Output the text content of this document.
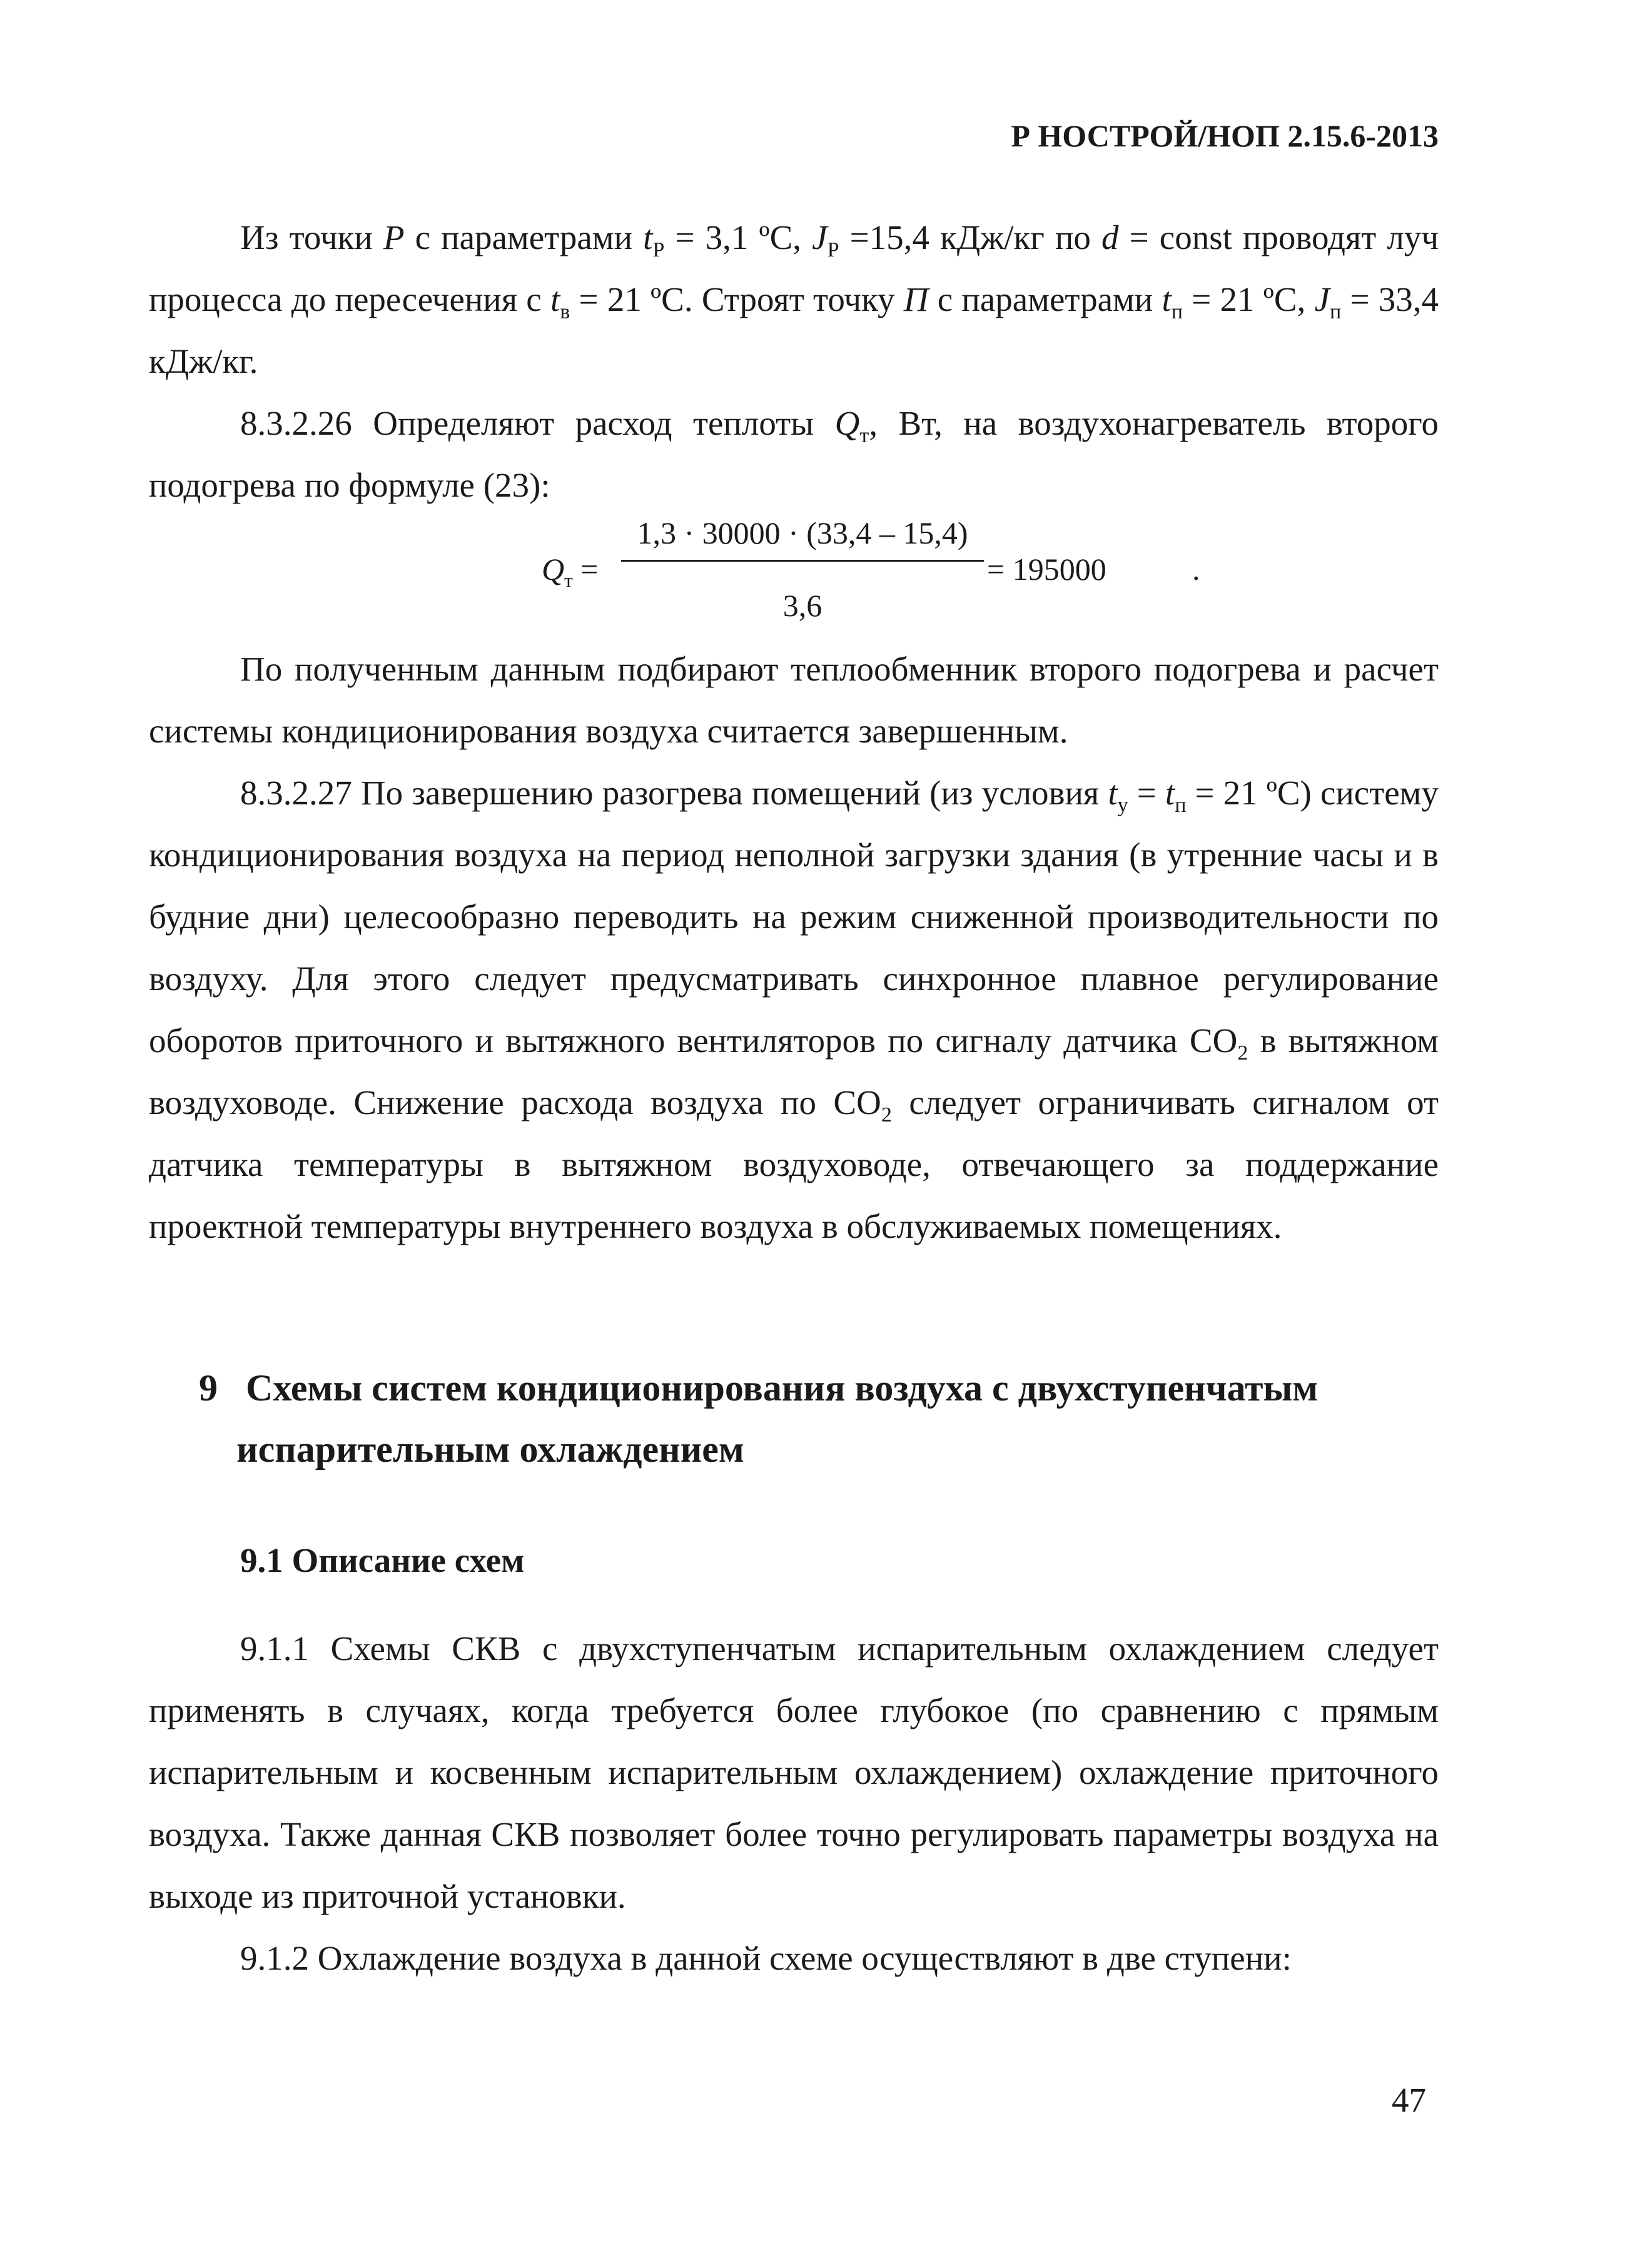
Р НОСТРОЙ/НОП 2.15.6-2013

Из точки P с параметрами $t_Р = 3,1$ ºС, $J_Р =15,4$ кДж/кг по d = const проводят луч процесса до пересечения с $t_в = 21$ ºС. Строят точку П с параметрами $t_п = 21$ ºС, $J_п = 33,4$ кДж/кг.

8.3.2.26 Определяют расход теплоты $Q_т$, Вт, на воздухонагреватель второго подогрева по формуле (23):

$Q_т$ =
1,3 · 30000 · (33,4 – 15,4)
3,6
= 195000	.

По полученным данным подбирают теплообменник второго подогрева и расчет системы кондиционирования воздуха считается завершенным.

8.3.2.27 По завершению разогрева помещений (из условия $t_у = t_п = 21$ ºС) систему кондиционирования воздуха на период неполной загрузки здания (в утренние часы и в будние дни) целесообразно переводить на режим сниженной производительности по воздуху. Для этого следует предусматривать синхронное плавное регулирование оборотов приточного и вытяжного вентиляторов по сигналу датчика $СО_2$ в вытяжном воздуховоде. Снижение расхода воздуха по $СО_2$ следует ограничивать сигналом от датчика температуры в вытяжном воздуховоде, отвечающего за поддержание проектной температуры внутреннего воздуха в обслуживаемых помещениях.

9 Схемы систем кондиционирования воздуха с двухступенчатым испарительным охлаждением
9.1 Описание схем

9.1.1 Схемы СКВ с двухступенчатым испарительным охлаждением следует применять в случаях, когда требуется более глубокое (по сравнению с прямым испарительным и косвенным испарительным охлаждением) охлаждение приточного воздуха. Также данная СКВ позволяет более точно регулировать параметры воздуха на выходе из приточной установки.

9.1.2 Охлаждение воздуха в данной схеме осуществляют в две ступени:

47
